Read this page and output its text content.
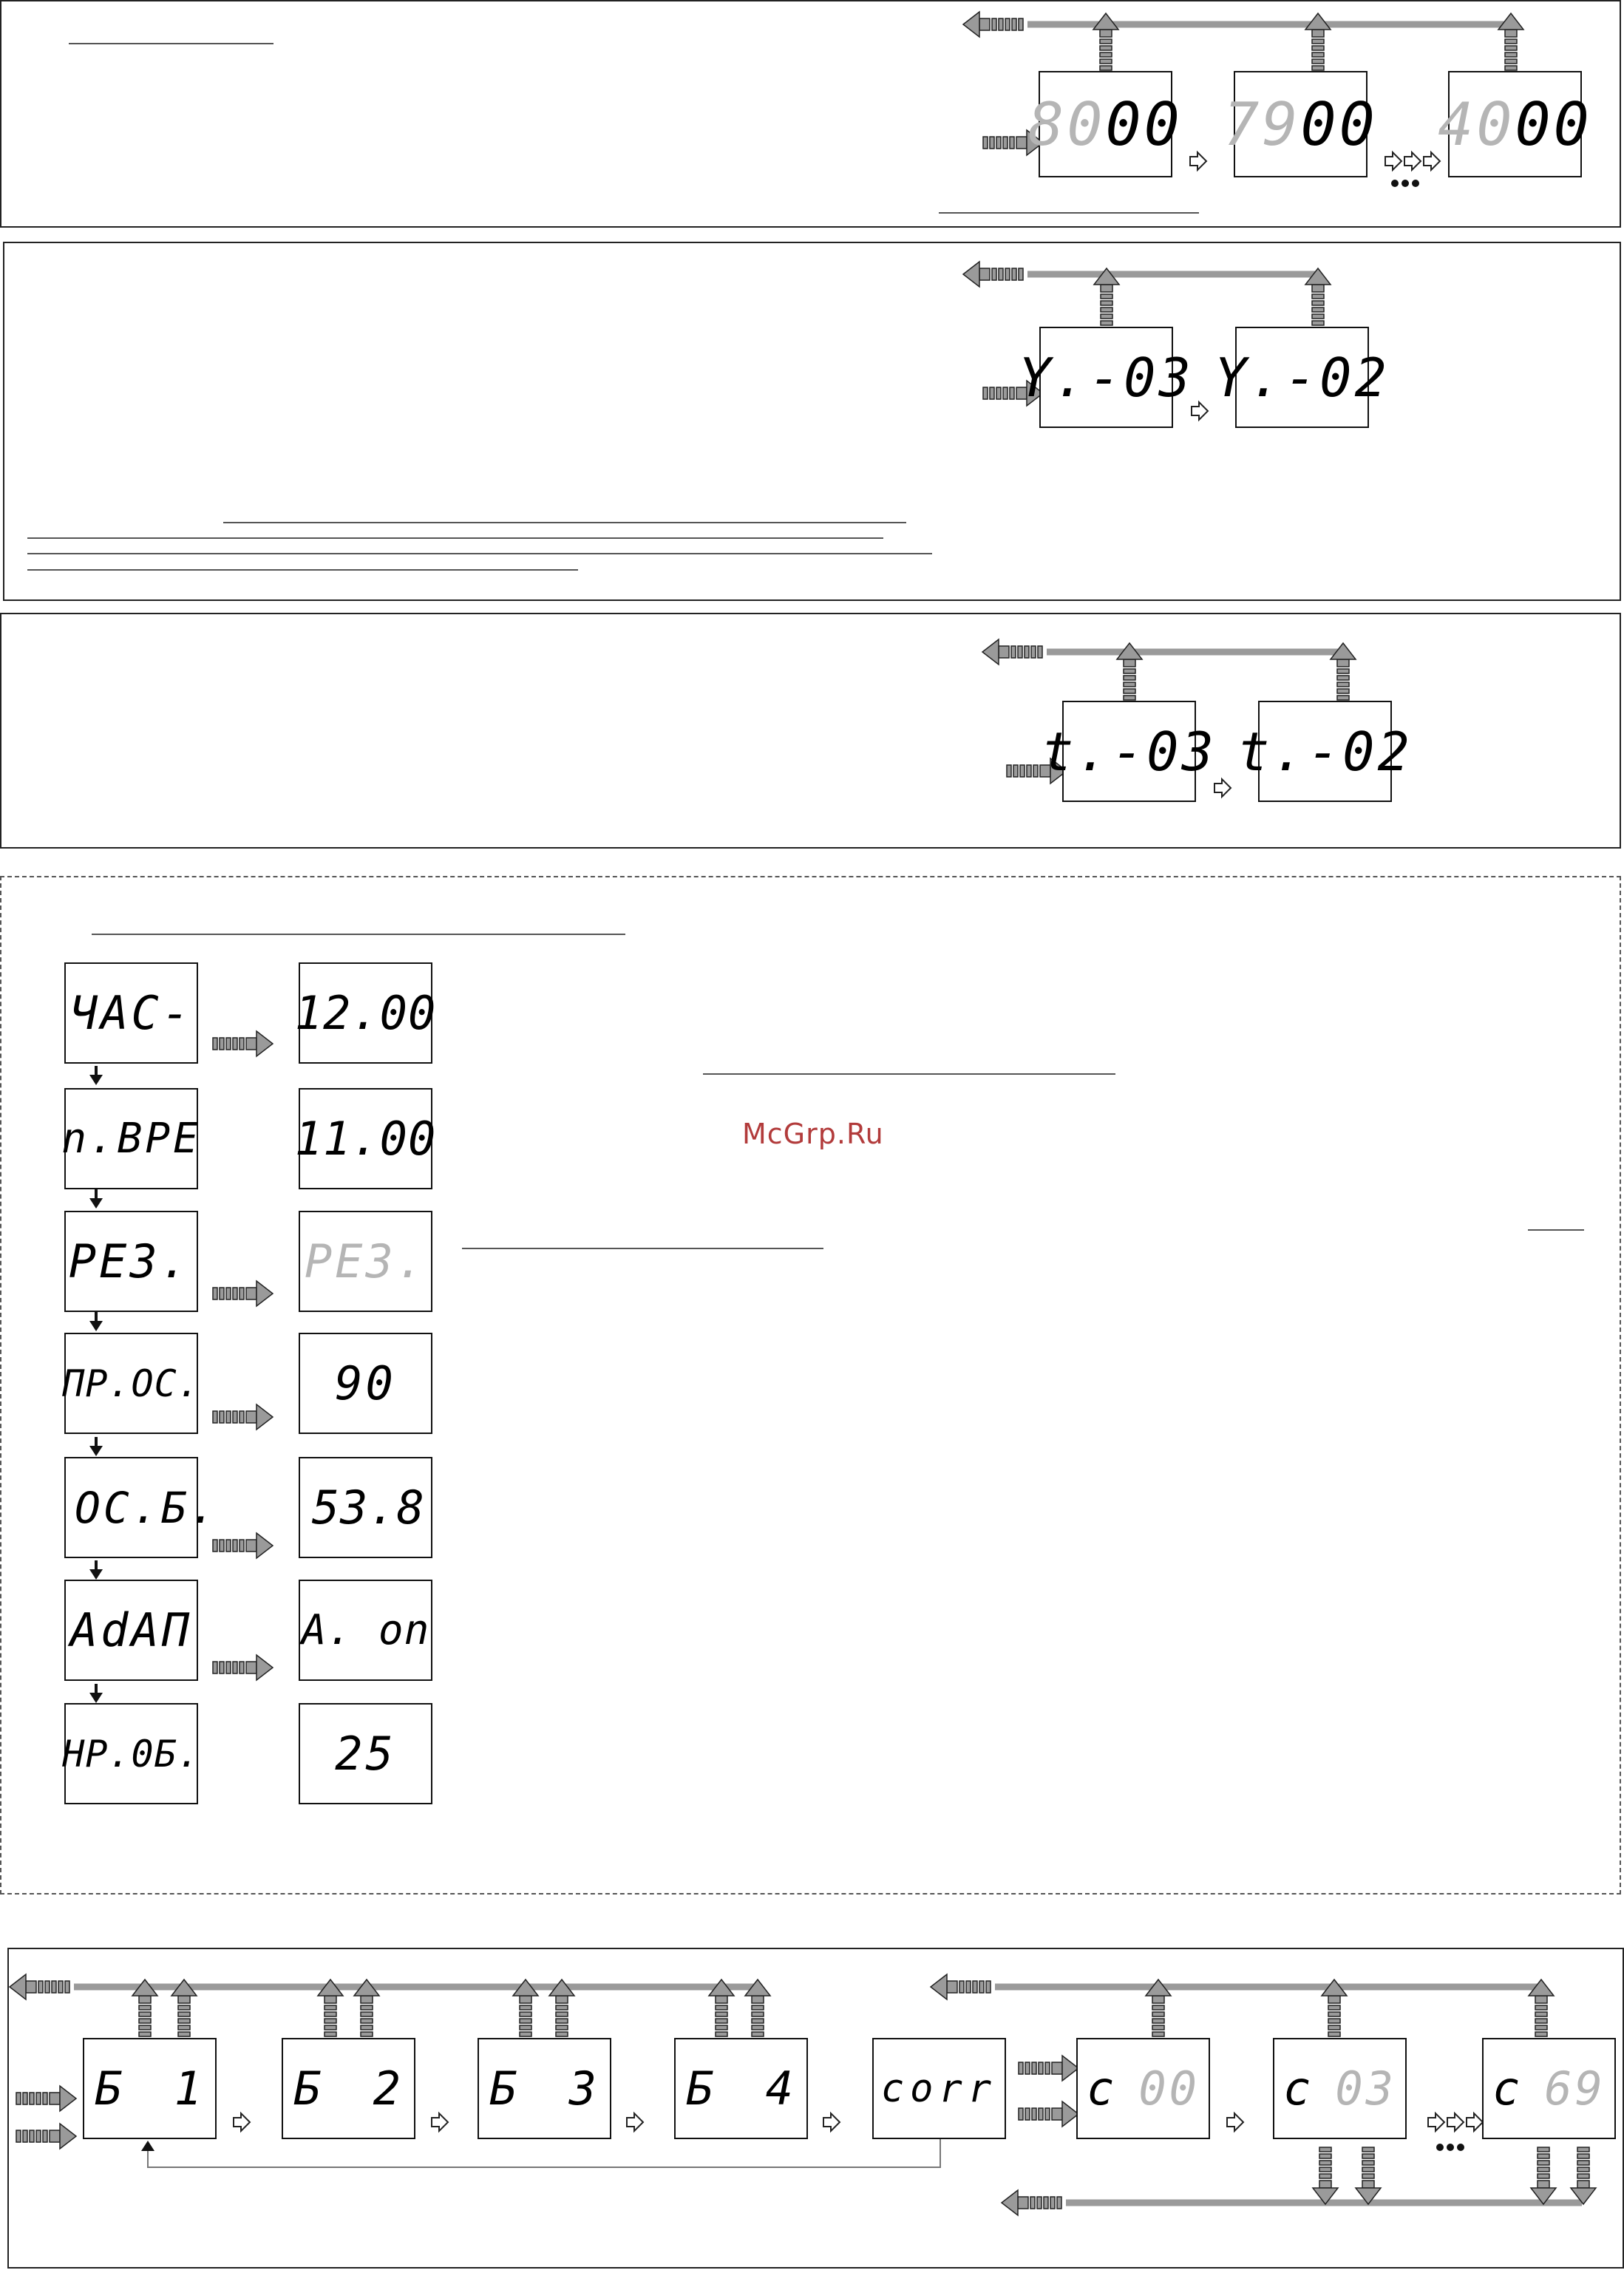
McGrp.Ru
80 00 79 00 40 00
Y.-03 Y.-02
t.-03 t.-02
ЧАС-
n.ВРЕ
РЕЗ.
ПР.ОС.
ОС.Б.
AdAП
НР.0Б.
12.00
11.00
РЕЗ.
90
53.8
A. on
25
Б 1 Б 2 Б 3 Б 4 corr c 00 c 03 c 69
